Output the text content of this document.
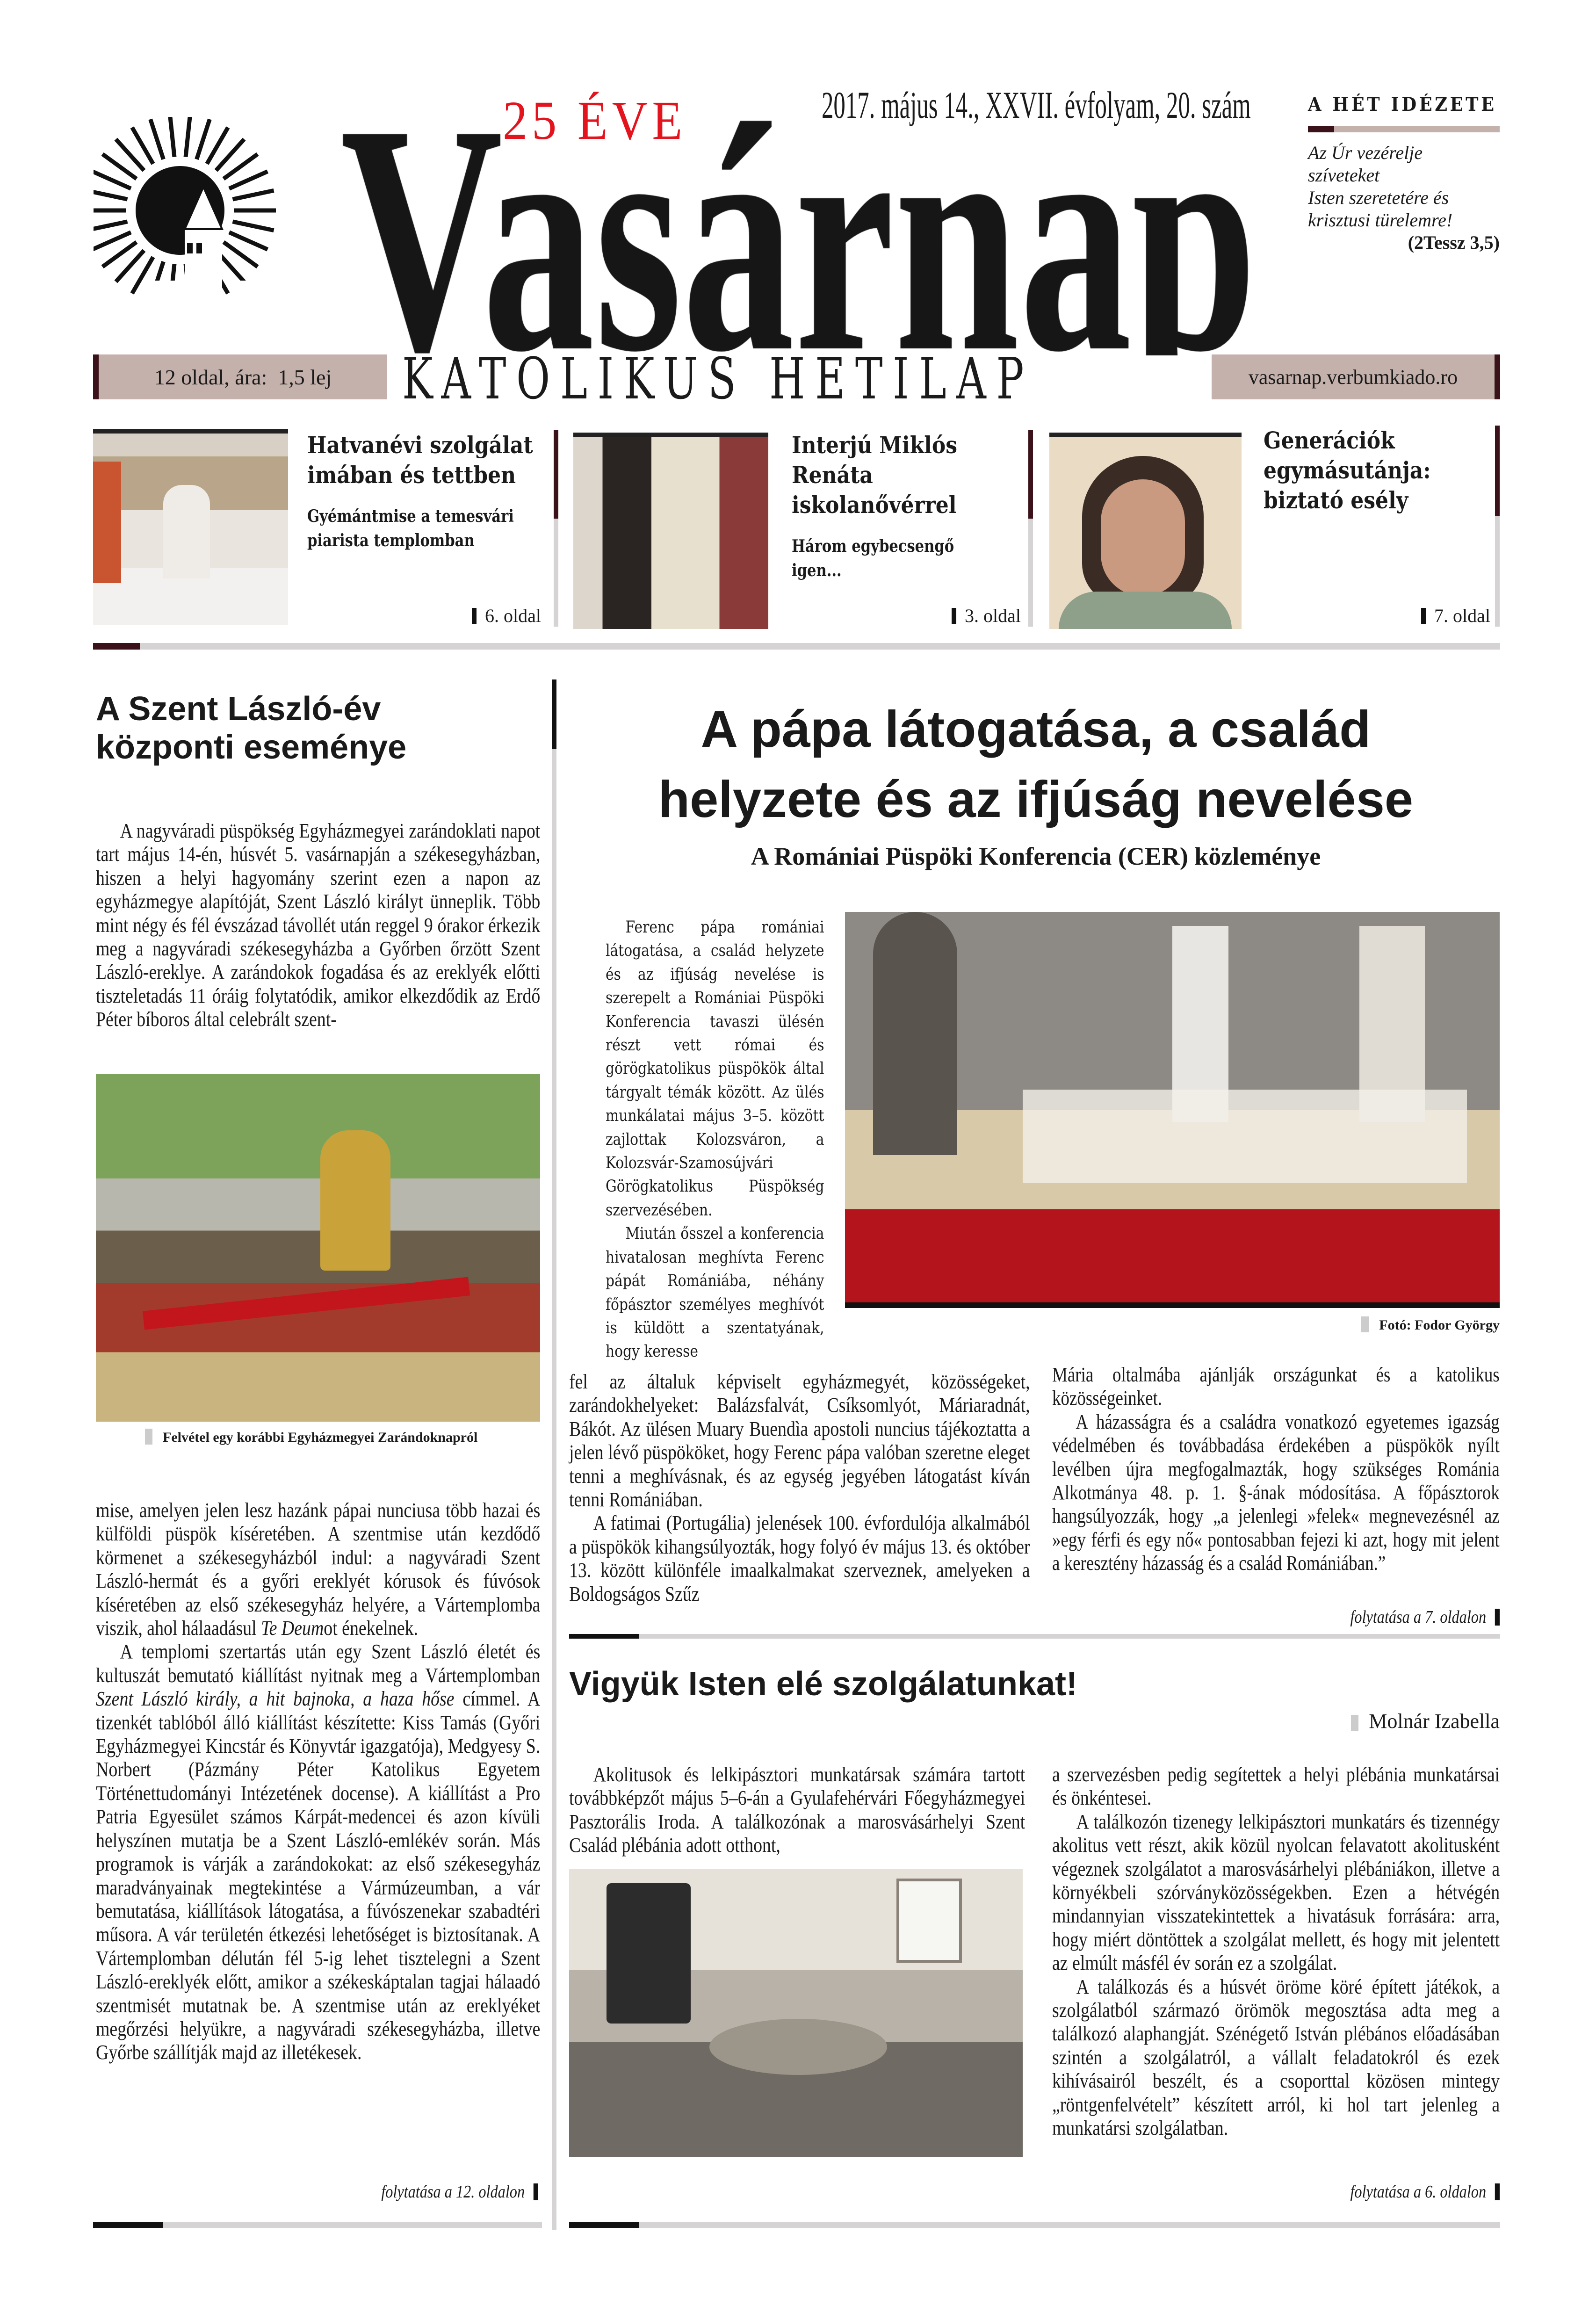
25 ÉVE	2017. május 14., XXVII. évfolyam, 20. szám	A HÉT IDÉZETE
Az Úr vezérelje
szíveteket
Isten szeretetére és
krisztusi türelemre!
(2Tessz 3,5)
12 oldal, ára:  1,5 lej KATOLIKUS HETILAP	vasarnap.verbumkiado.ro
Hatvanévi szolgálat imában és tettben
Gyémántmise a temesvári
piarista templomban
6. oldal
Interjú Miklós Renáta iskolanővérrel
Három egybecsengő
igen...
3. oldal
Generációk egymásutánja: biztató esély
7. oldal
A Szent László-év központi eseménye

A nagyváradi püspökség Egyházmegyei zarándoklati napot tart május 14-én, húsvét 5. vasárnapján a székesegyházban, hiszen a helyi hagyomány szerint ezen a napon az egyházmegye alapítóját, Szent László királyt ünneplik. Több mint négy és fél évszázad távollét után reggel 9 órakor érkezik meg a nagyváradi székesegyházba a Győrben őrzött Szent László-ereklye. A zarándokok fogadása és az ereklyék előtti tiszteletadás 11 óráig folytatódik, amikor elkezdődik az Erdő Péter bíboros által celebrált szent-

Felvétel egy korábbi Egyházmegyei Zarándoknapról

mise, amelyen jelen lesz hazánk pápai nunciusa több hazai és külföldi püspök kíséretében. A szentmise után kezdődő körmenet a székesegyházból indul: a nagyváradi Szent László-hermát és a győri ereklyét kórusok és fúvósok kíséretében az első székesegyház helyére, a Vártemplomba viszik, ahol hálaadásul Te Deumot énekelnek.

A templomi szertartás után egy Szent László életét és kultuszát bemutató kiállítást nyitnak meg a Vártemplomban Szent László király, a hit bajnoka, a haza hőse címmel. A tizenkét tablóból álló kiállítást készítette: Kiss Tamás (Győri Egyházmegyei Kincstár és Könyvtár igazgatója), Medgyesy S. Norbert (Pázmány Péter Katolikus Egyetem Történettudományi Intézetének docense). A kiállítást a Pro Patria Egyesület számos Kárpát-medencei és azon kívüli helyszínen mutatja be a Szent László-emlékév során. Más programok is várják a zarándokokat: az első székesegyház maradványainak megtekintése a Vármúzeumban, a vár bemutatása, kiállítások látogatása, a fúvószenekar szabadtéri műsora. A vár területén étkezési lehetőséget is biztosítanak. A Vártemplomban délután fél 5-ig lehet tisztelegni a Szent László-ereklyék előtt, amikor a székeskáptalan tagjai hálaadó szentmisét mutatnak be. A szentmise után az ereklyéket megőrzési helyükre, a nagyváradi székesegyházba, illetve Győrbe szállítják majd az illetékesek.

folytatása a 12. oldalon
A pápa látogatása, a család
helyzete és az ifjúság nevelése
A Romániai Püspöki Konferencia (CER) közleménye

Ferenc pápa romániai látogatása, a család helyzete és az ifjúság nevelése is szerepelt a Romániai Püspöki Konferencia tavaszi ülésén részt vett római és görögkatolikus püspökök által tárgyalt témák között. Az ülés munkálatai május 3–5. között zajlottak Kolozsváron, a Kolozsvár-Szamosújvári Görögkatolikus Püspökség szervezésében.

Miután ősszel a konferencia hivatalosan meghívta Ferenc pápát Romániába, néhány főpásztor személyes meghívót is küldött a szentatyának, hogy keresse

Fotó: Fodor György

fel az általuk képviselt egyházmegyét, közösségeket, zarándokhelyeket: Balázsfalvát, Csíksomlyót, Máriaradnát, Bákót. Az ülésen Muary Buendìa apostoli nuncius tájékoztatta a jelen lévő püspököket, hogy Ferenc pápa valóban szeretne eleget tenni a meghívásnak, és az egység jegyében látogatást kíván tenni Romániában.

A fatimai (Portugália) jelenések 100. évfordulója alkalmából a püspökök kihangsúlyozták, hogy folyó év május 13. és október 13. között különféle imaalkalmakat szerveznek, amelyeken a Boldogságos Szűz

Mária oltalmába ajánlják országunkat és a katolikus közösségeinket.

A házasságra és a családra vonatkozó egyetemes igazság védelmében és továbbadása érdekében a püspökök nyílt levélben újra megfogalmazták, hogy szükséges Románia Alkotmánya 48. p. 1. §-ának módosítása. A főpásztorok hangsúlyozzák, hogy „a jelenlegi »felek« megnevezésnél az »egy férfi és egy nő« pontosabban fejezi ki azt, hogy mit jelent a keresztény házasság és a család Romániában.”

folytatása a 7. oldalon
Vigyük Isten elé szolgálatunkat!
Molnár Izabella

Akolitusok és lelkipásztori munkatársak számára tartott továbbképzőt május 5–6-án a Gyulafehérvári Főegyházmegyei Pasztorális Iroda. A találkozónak a marosvásárhelyi Szent Család plébánia adott otthont,

a szervezésben pedig segítettek a helyi plébánia munkatársai és önkéntesei.

A találkozón tizenegy lelkipásztori munkatárs és tizennégy akolitus vett részt, akik közül nyolcan felavatott akolitusként végeznek szolgálatot a marosvásárhelyi plébániákon, illetve a környékbeli szórványközösségekben. Ezen a hétvégén mindannyian visszatekintettek a hivatásuk forrására: arra, hogy miért döntöttek a szolgálat mellett, és hogy mit jelentett az elmúlt másfél év során ez a szolgálat.

A találkozás és a húsvét öröme köré épített játékok, a szolgálatból származó örömök megosztása adta meg a találkozó alaphangját. Szénégető István plébános előadásában szintén a szolgálatról, a vállalt feladatokról és ezek kihívásairól beszélt, és a csoporttal közösen mintegy „röntgenfelvételt” készített arról, ki hol tart jelenleg a munkatársi szolgálatban.

folytatása a 6. oldalon
